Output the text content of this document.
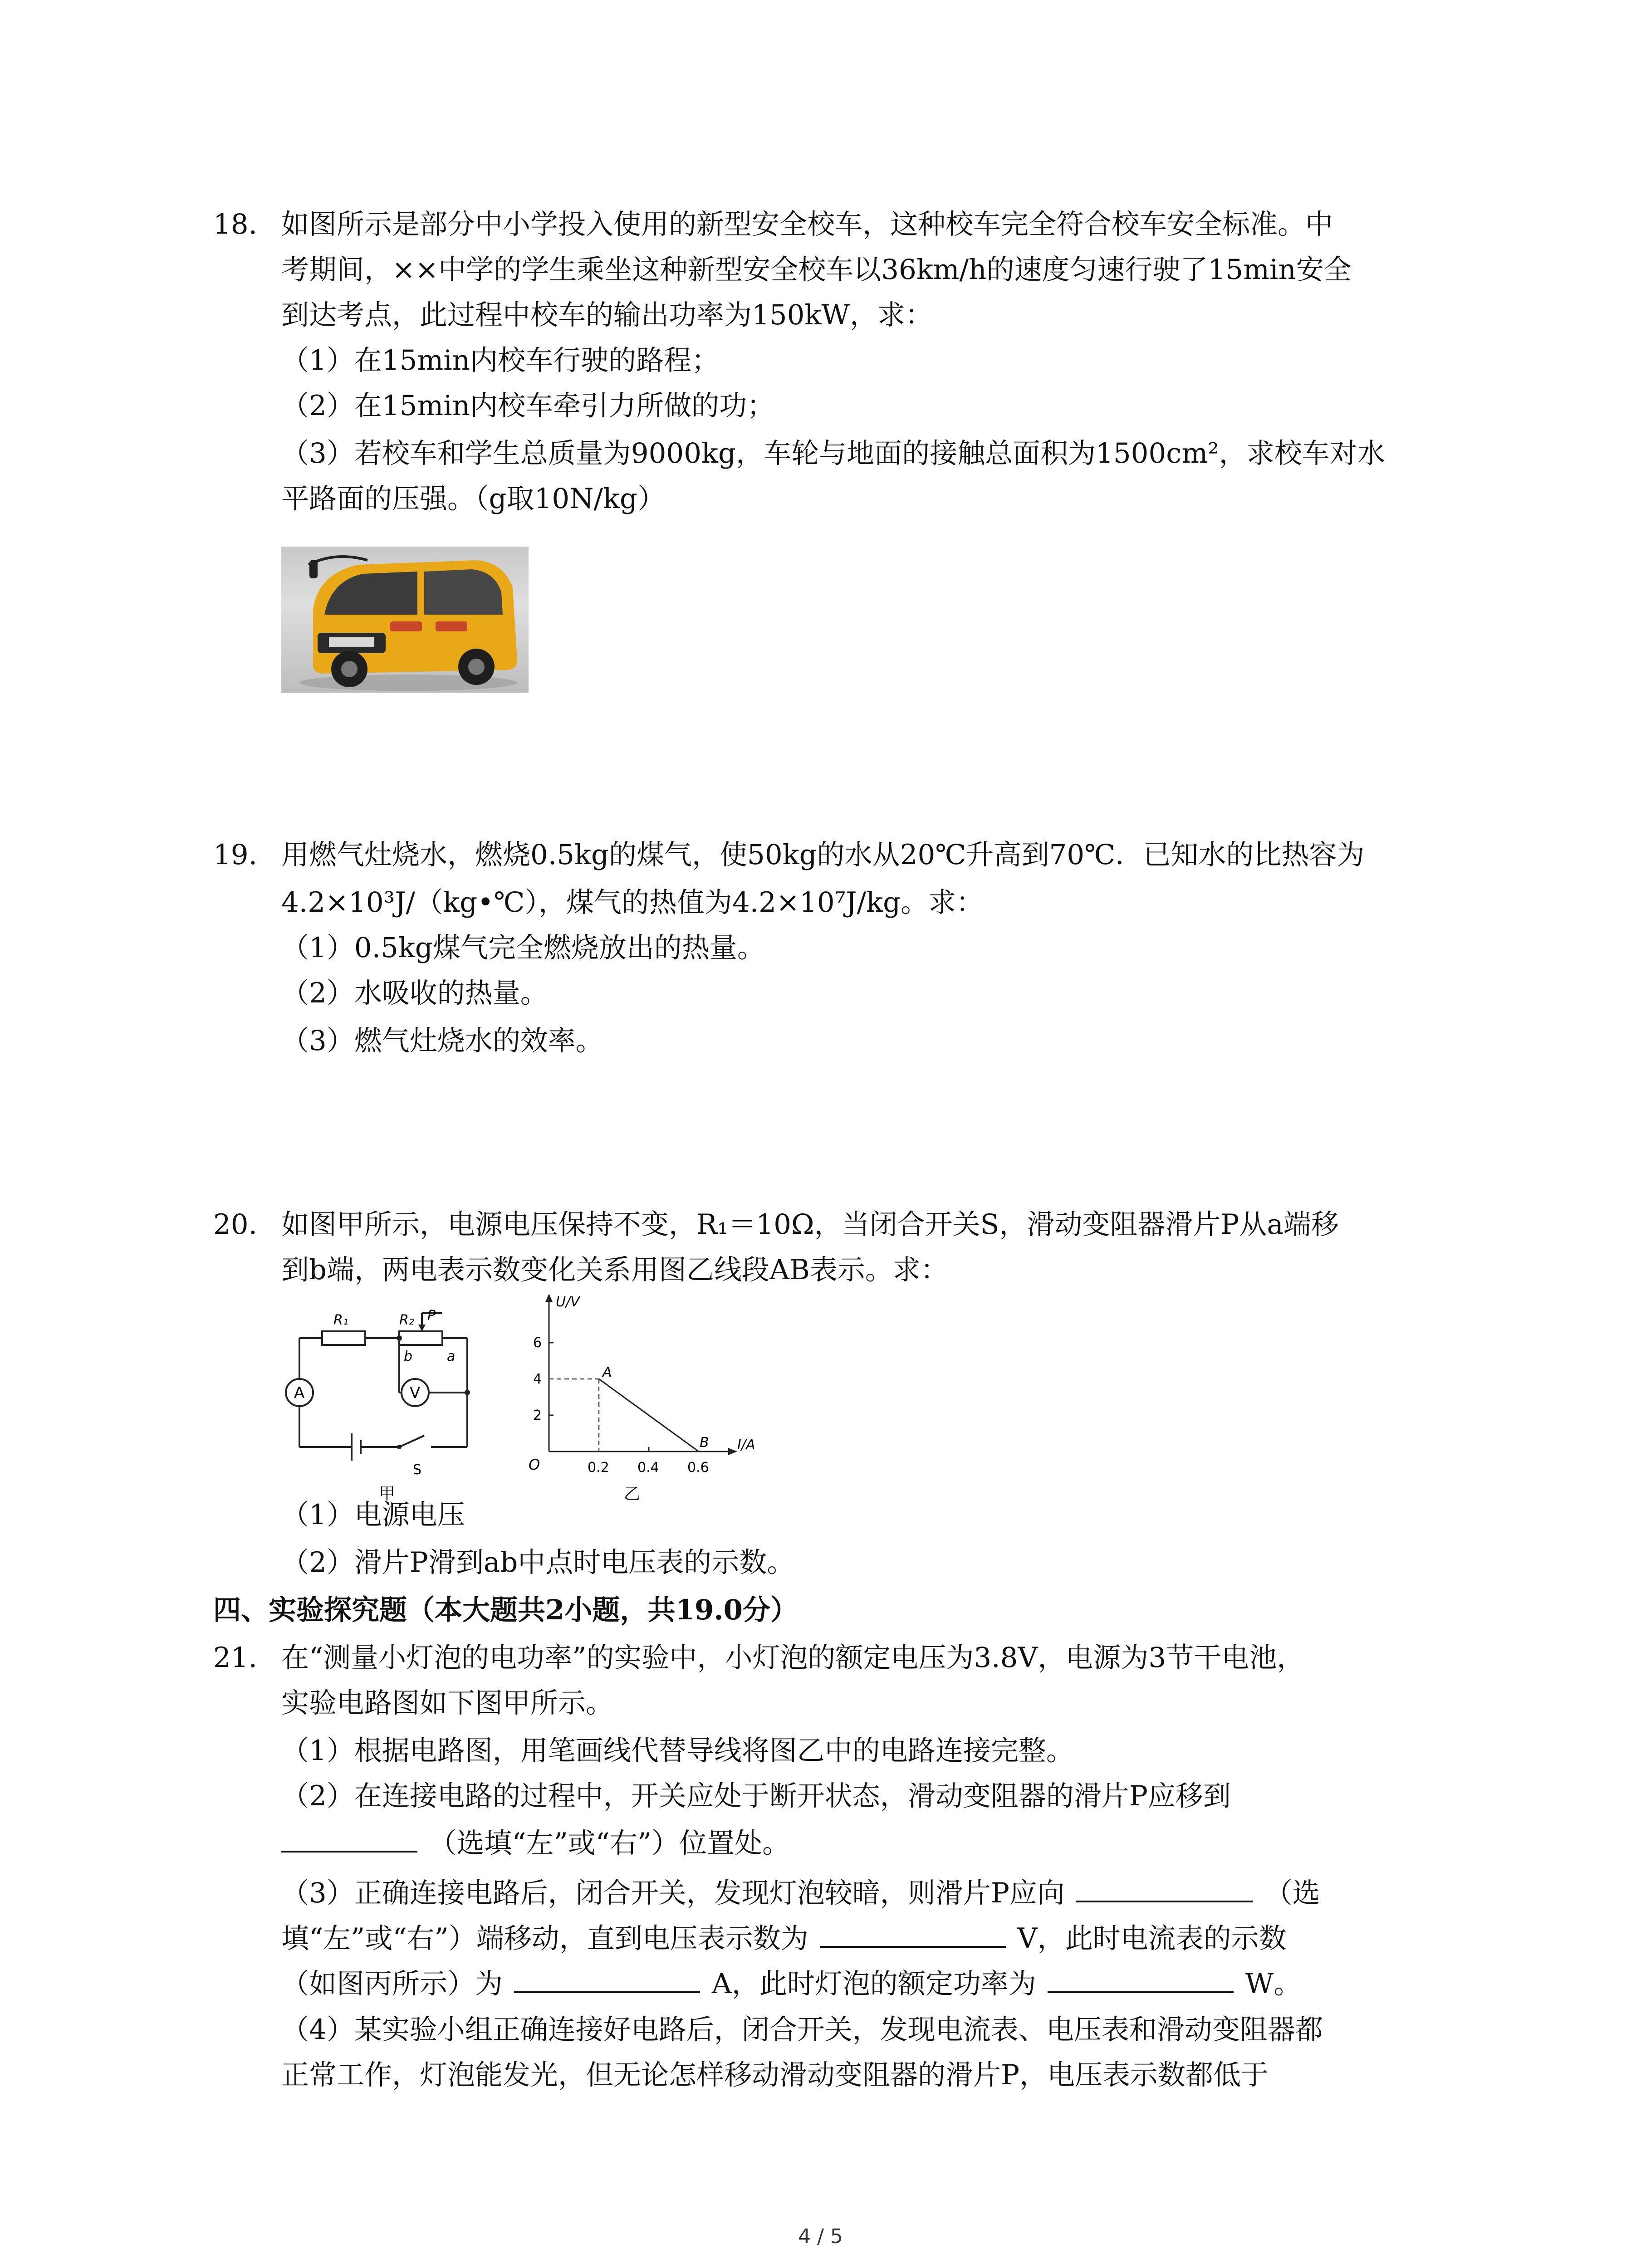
18. 如图所示是部分中小学投入使用的新型安全校车，这种校车完全符合校车安全标准。中
考期间，××中学的学生乘坐这种新型安全校车以36km/h的速度匀速行驶了15min安全
到达考点，此过程中校车的输出功率为150kW，求：
（1）在15min内校车行驶的路程；
（2）在15min内校车牵引力所做的功；
（3）若校车和学生总质量为9000kg，车轮与地面的接触总面积为1500cm²，求校车对水
平路面的压强。（g取10N/kg）
19. 用燃气灶烧水，燃烧0.5kg的煤气，使50kg的水从20℃升高到70℃．已知水的比热容为
4.2×10³J/（kg•℃），煤气的热值为4.2×10⁷J/kg。求：
（1）0.5kg煤气完全燃烧放出的热量。
（2）水吸收的热量。
（3）燃气灶烧水的效率。
20. 如图甲所示，电源电压保持不变，R₁＝10Ω，当闭合开关S，滑动变阻器滑片P从a端移
到b端，两电表示数变化关系用图乙线段AB表示。求：
R₁	R₂ P
b	a
A	V
S
甲
U/V
I/A
O
6
4
2
0.2 0.4 0.6
A
B
乙
（1）电源电压
（2）滑片P滑到ab中点时电压表的示数。
四、实验探究题（本大题共2小题，共19.0分）
21. 在“测量小灯泡的电功率”的实验中，小灯泡的额定电压为3.8V，电源为3节干电池，
实验电路图如下图甲所示。
（1）根据电路图，用笔画线代替导线将图乙中的电路连接完整。
（2）在连接电路的过程中，开关应处于断开状态，滑动变阻器的滑片P应移到
（选填“左”或“右”）位置处。
（3）正确连接电路后，闭合开关，发现灯泡较暗，则滑片P应向	（选
填“左”或“右”）端移动，直到电压表示数为	V，此时电流表的示数
（如图丙所示）为	A，此时灯泡的额定功率为	W。
（4）某实验小组正确连接好电路后，闭合开关，发现电流表、电压表和滑动变阻器都
正常工作，灯泡能发光，但无论怎样移动滑动变阻器的滑片P，电压表示数都低于
4 / 5
